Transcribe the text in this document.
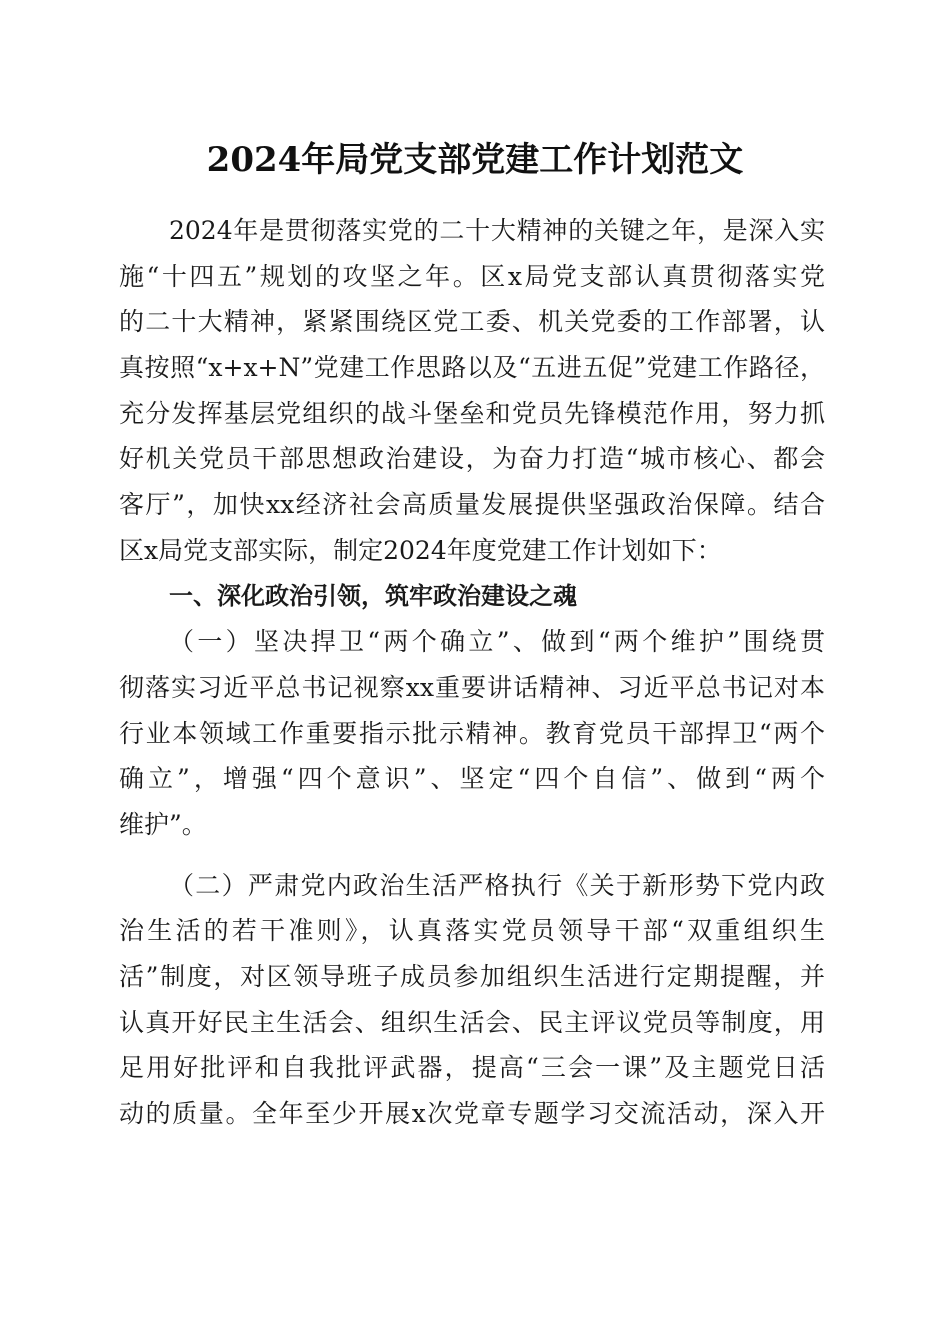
2024年局党支部党建工作计划范文
2024年是贯彻落实党的二十大精神的关键之年，是深入实
施“十四五”规划的攻坚之年。区x局党支部认真贯彻落实党
的二十大精神，紧紧围绕区党工委、机关党委的工作部署，认
真按照“x+x+N”党建工作思路以及“五进五促”党建工作路径，
充分发挥基层党组织的战斗堡垒和党员先锋模范作用，努力抓
好机关党员干部思想政治建设，为奋力打造“城市核心、都会
客厅”，加快xx经济社会高质量发展提供坚强政治保障。结合
区x局党支部实际，制定2024年度党建工作计划如下：
一、深化政治引领，筑牢政治建设之魂
（一）坚决捍卫“两个确立”、做到“两个维护”围绕贯
彻落实习近平总书记视察xx重要讲话精神、习近平总书记对本
行业本领域工作重要指示批示精神。教育党员干部捍卫“两个
确立”，增强“四个意识”、坚定“四个自信”、做到“两个
维护”。
（二）严肃党内政治生活严格执行《关于新形势下党内政
治生活的若干准则》，认真落实党员领导干部“双重组织生
活”制度，对区领导班子成员参加组织生活进行定期提醒，并
认真开好民主生活会、组织生活会、民主评议党员等制度，用
足用好批评和自我批评武器，提高“三会一课”及主题党日活
动的质量。全年至少开展x次党章专题学习交流活动，深入开
